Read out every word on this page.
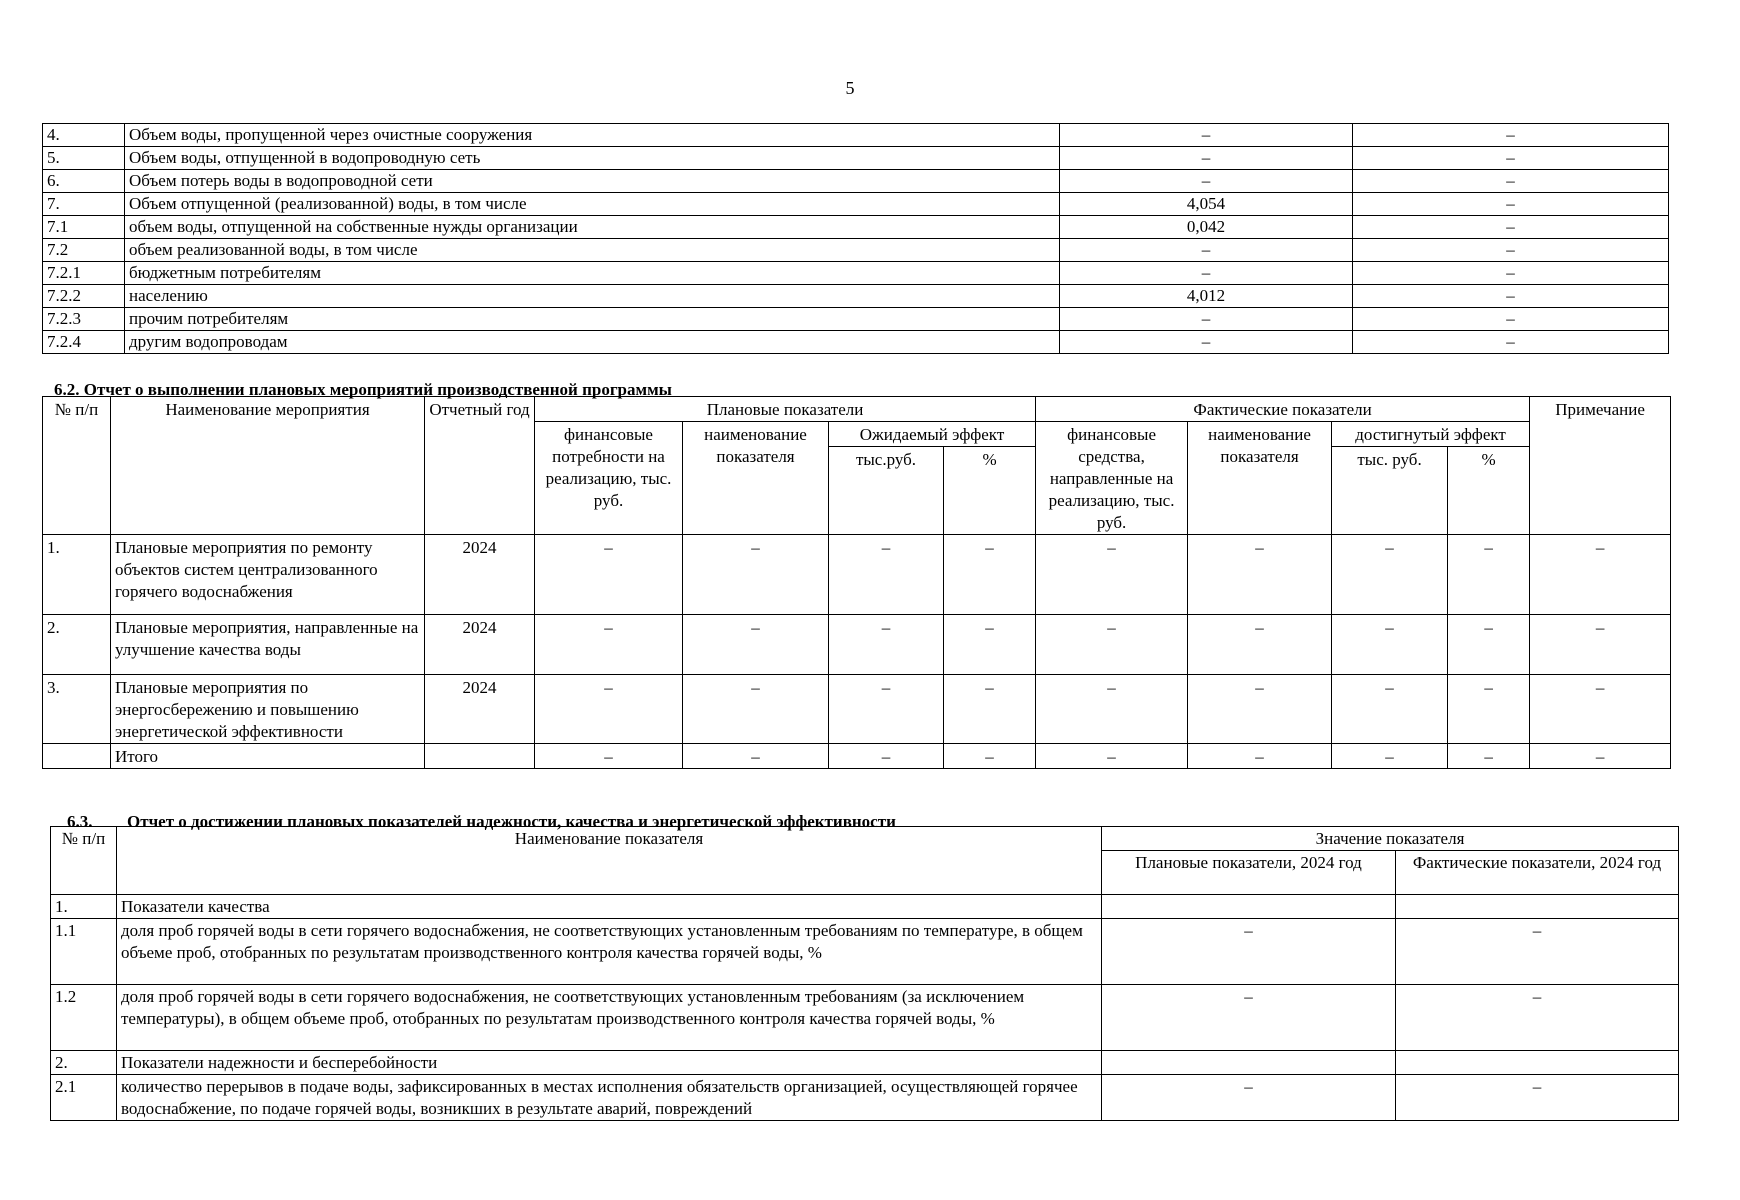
5
4.	Объем воды, пропущенной через очистные сооружения	–	–
5.	Объем воды, отпущенной в водопроводную сеть	–	–
6.	Объем потерь воды в водопроводной сети	–	–
7.	Объем отпущенной (реализованной) воды, в том числе	4,054	–
7.1	объем воды, отпущенной на собственные нужды организации	0,042	–
7.2	объем реализованной воды, в том числе	–	–
7.2.1	бюджетным потребителям	–	–
7.2.2	населению	4,012	–
7.2.3	прочим потребителям	–	–
7.2.4	другим водопроводам	–	–
6.2. Отчет о выполнении плановых мероприятий производственной программы
№ п/п	Наименование мероприятия	Отчетный год	Плановые показатели				Фактические показатели				Примечание
			финансовые потребности на реализацию, тыс. руб.	наименование показателя	Ожидаемый эффект		финансовые средства, направленные на реализацию, тыс. руб.	наименование показателя	достигнутый эффект		
					тыс.руб.	%			тыс. руб.	%	
1.	Плановые мероприятия по ремонту объектов систем централизованного горячего водоснабжения	2024	–	–	–	–	–	–	–	–	–
2.	Плановые мероприятия, направленные на улучшение качества воды	2024	–	–	–	–	–	–	–	–	–
3.	Плановые мероприятия по энергосбережению и повышению энергетической эффективности	2024	–	–	–	–	–	–	–	–	–
	Итого		–	–	–	–	–	–	–	–	–
6.3. Отчет о достижении плановых показателей надежности, качества и энергетической эффективности
№ п/п	Наименование показателя	Значение показателя	
		Плановые показатели, 2024 год	Фактические показатели, 2024 год
1.	Показатели качества		
1.1	доля проб горячей воды в сети горячего водоснабжения, не соответствующих установленным требованиям по температуре, в общем объеме проб, отобранных по результатам производственного контроля качества горячей воды, %	–	–
1.2	доля проб горячей воды в сети горячего водоснабжения, не соответствующих установленным требованиям (за исключением температуры), в общем объеме проб, отобранных по результатам производственного контроля качества горячей воды, %	–	–
2.	Показатели надежности и бесперебойности		
2.1	количество перерывов в подаче воды, зафиксированных в местах исполнения обязательств организацией, осуществляющей горячее водоснабжение, по подаче горячей воды, возникших в результате аварий, повреждений	–	–
